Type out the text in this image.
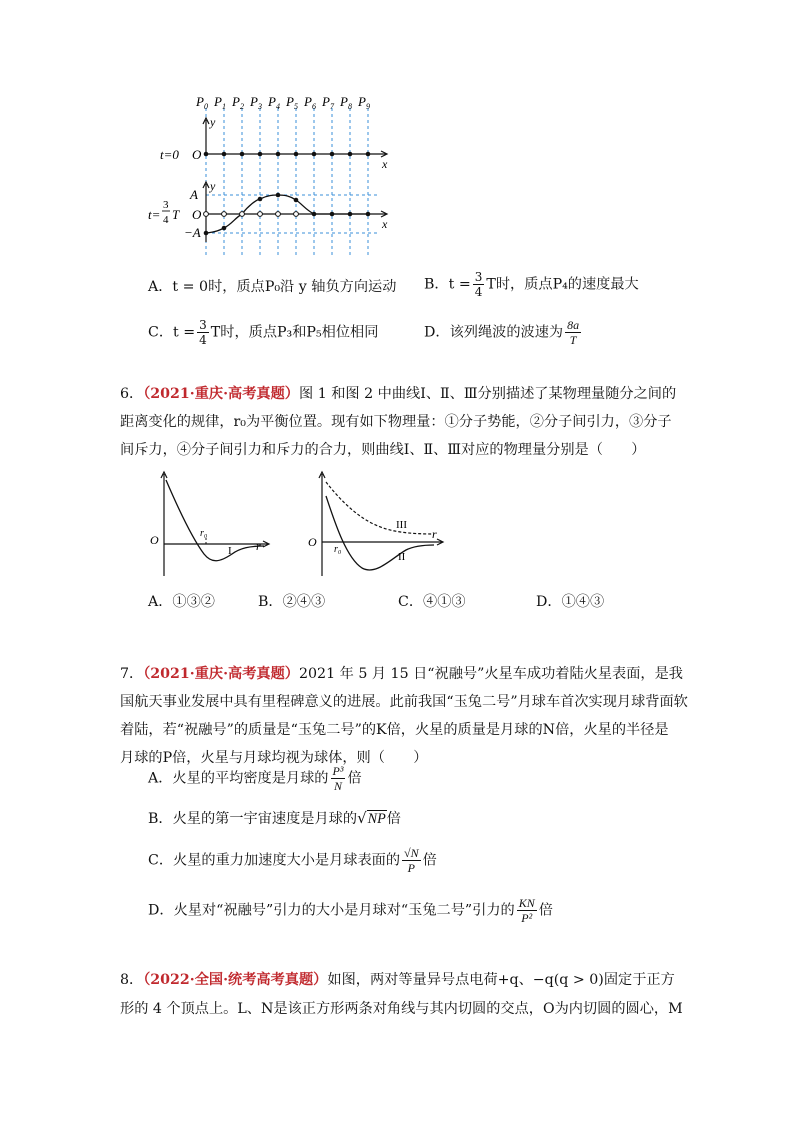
$P_0$ $P_1$ $P_2$ $P_3$ $P_4$ $P_5$ $P_6$ $P_7$ $P_8$ $P_9$
y
x
O
t=0
y
x
O
A
−A
t=
3
4 T
A．t = 0时，质点P₀沿 y 轴负方向运动 B．$t = \frac{3}{4}$ T时，质点P₄的速度最大
C．$t = \frac{3}{4}$ T时，质点P₃和P₅相位相同	D．该列绳波的波速为 $\frac{8a}{T}$
6．（2021·重庆·高考真题）图 1 和图 2 中曲线Ⅰ、Ⅱ、Ⅲ分别描述了某物理量随分之间的
距离变化的规律，r₀为平衡位置。现有如下物理量：①分子势能，②分子间引力，③分子
间斥力，④分子间引力和斥力的合力，则曲线Ⅰ、Ⅱ、Ⅲ对应的物理量分别是（　　）
O	r₀
I r	O
r₀
III
II
r
A．①③②	B．②④③	C．④①③	D．①④③
7．（2021·重庆·高考真题）2021 年 5 月 15 日“祝融号”火星车成功着陆火星表面，是我
国航天事业发展中具有里程碑意义的进展。此前我国“玉兔二号”月球车首次实现月球背面软
着陆，若“祝融号”的质量是“玉兔二号”的K倍，火星的质量是月球的N倍，火星的半径是
月球的P倍，火星与月球均视为球体，则（　　）
A．火星的平均密度是月球的 $\frac{\text{P³}}{N}$ 倍
B．火星的第一宇宙速度是月球的√NP倍
C．火星的重力加速度大小是月球表面的 $\frac{√N}{P}$ 倍
D．火星对“祝融号”引力的大小是月球对“玉兔二号”引力的 $\frac{KN}{\text{P²}}$ 倍
8．（2022·全国·统考高考真题）如图，两对等量异号点电荷+q、−q(q > 0)固定于正方
形的 4 个顶点上。L、N是该正方形两条对角线与其内切圆的交点，O为内切圆的圆心，M
